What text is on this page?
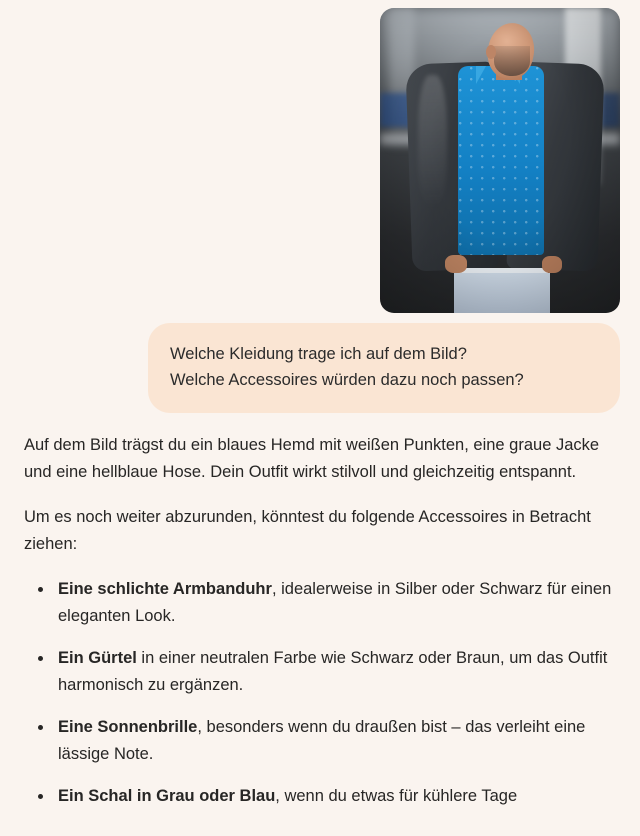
Welche Kleidung trage ich auf dem Bild?
Welche Accessoires würden dazu noch passen?

Auf dem Bild trägst du ein blaues Hemd mit weißen Punkten, eine graue Jacke und eine hellblaue Hose. Dein Outfit wirkt stilvoll und gleichzeitig entspannt.

Um es noch weiter abzurunden, könntest du folgende Accessoires in Betracht ziehen:

Eine schlichte Armbanduhr, idealerweise in Silber oder Schwarz für einen eleganten Look.
Ein Gürtel in einer neutralen Farbe wie Schwarz oder Braun, um das Outfit harmonisch zu ergänzen.
Eine Sonnenbrille, besonders wenn du draußen bist – das verleiht eine lässige Note.
Ein Schal in Grau oder Blau, wenn du etwas für kühlere Tage
